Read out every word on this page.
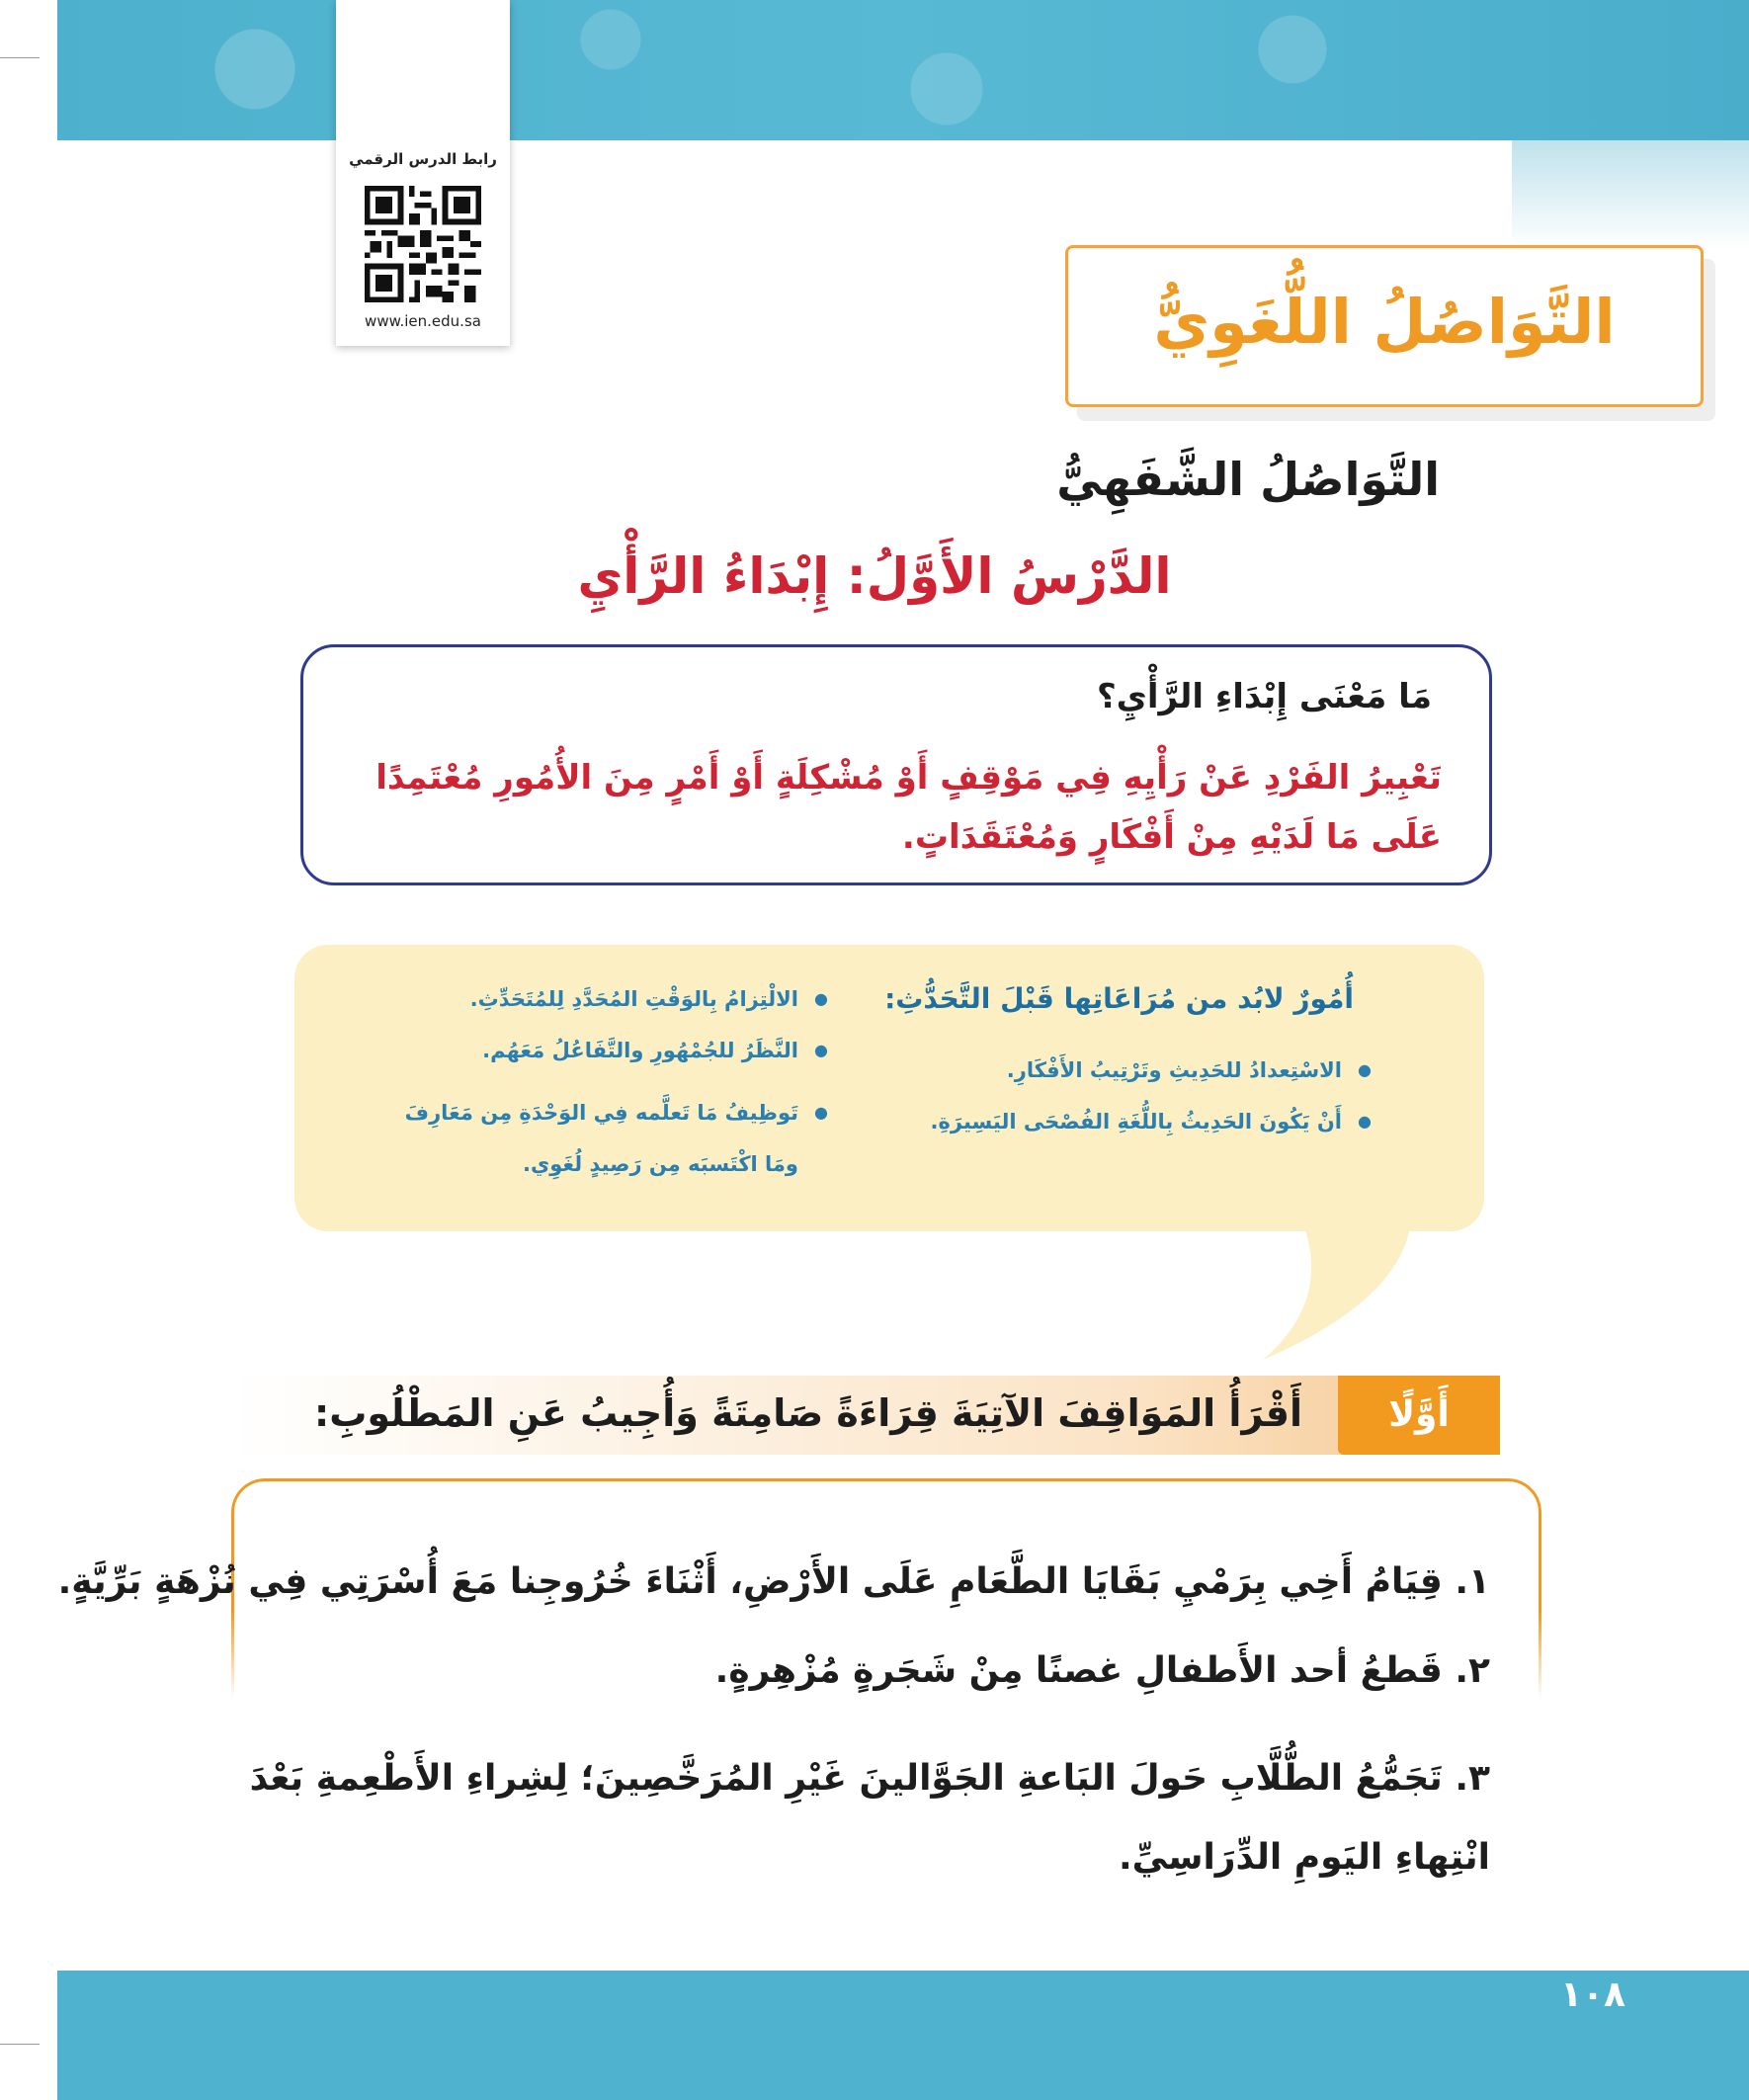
رابط الدرس الرقمي
www.ien.edu.sa	التَّوَاصُلُ اللُّغَوِيُّ
التَّوَاصُلُ الشَّفَهِيُّ
الدَّرْسُ الأَوَّلُ: إِبْدَاءُ الرَّأْيِ
مَا مَعْنَى إِبْدَاءِ الرَّأْيِ؟
تَعْبِيرُ الفَرْدِ عَنْ رَأْيِهِ فِي مَوْقِفٍ أَوْ مُشْكِلَةٍ أَوْ أَمْرٍ مِنَ الأُمُورِ مُعْتَمِدًا عَلَى مَا لَدَيْهِ مِنْ أَفْكَارٍ وَمُعْتَقَدَاتٍ.
أُمُورٌ لابُد من مُرَاعَاتِها قَبْلَ التَّحَدُّثِ:
● الاسْتِعدادُ للحَدِيثِ وتَرْتِيبُ الأَفْكَارِ.
● أَنْ يَكُونَ الحَدِيثُ بِاللُّغَةِ الفُصْحَى اليَسِيرَةِ.
● الالْتِزامُ بِالوَقْتِ المُحَدَّدِ لِلمُتَحَدِّثِ.
● النَّظَرُ للجُمْهُورِ والتَّفَاعُلُ مَعَهُم.
● تَوظِيفُ مَا تَعلَّمه فِي الوَحْدَةِ مِن مَعَارِفَ ومَا اكْتَسبَه مِن رَصِيدٍ لُغَوِي.
أَوَّلًا
أَقْرَأُ المَوَاقِفَ الآتِيَةَ قِرَاءَةً صَامِتَةً وَأُجِيبُ عَنِ المَطْلُوبِ:
١. قِيَامُ أَخِي بِرَمْيِ بَقَايَا الطَّعَامِ عَلَى الأَرْضِ، أَثْنَاءَ خُرُوجِنا مَعَ أُسْرَتِي فِي نُزْهَةٍ بَرِّيَّةٍ.
٢. قَطعُ أحد الأَطفالِ غصنًا مِنْ شَجَرةٍ مُزْهِرةٍ.
٣. تَجَمُّعُ الطُّلَّابِ حَولَ البَاعةِ الجَوَّالينَ غَيْرِ المُرَخَّصِينَ؛ لِشِراءِ الأَطْعِمةِ بَعْدَ انْتِهاءِ اليَومِ الدِّرَاسِيِّ.
١٠٨
